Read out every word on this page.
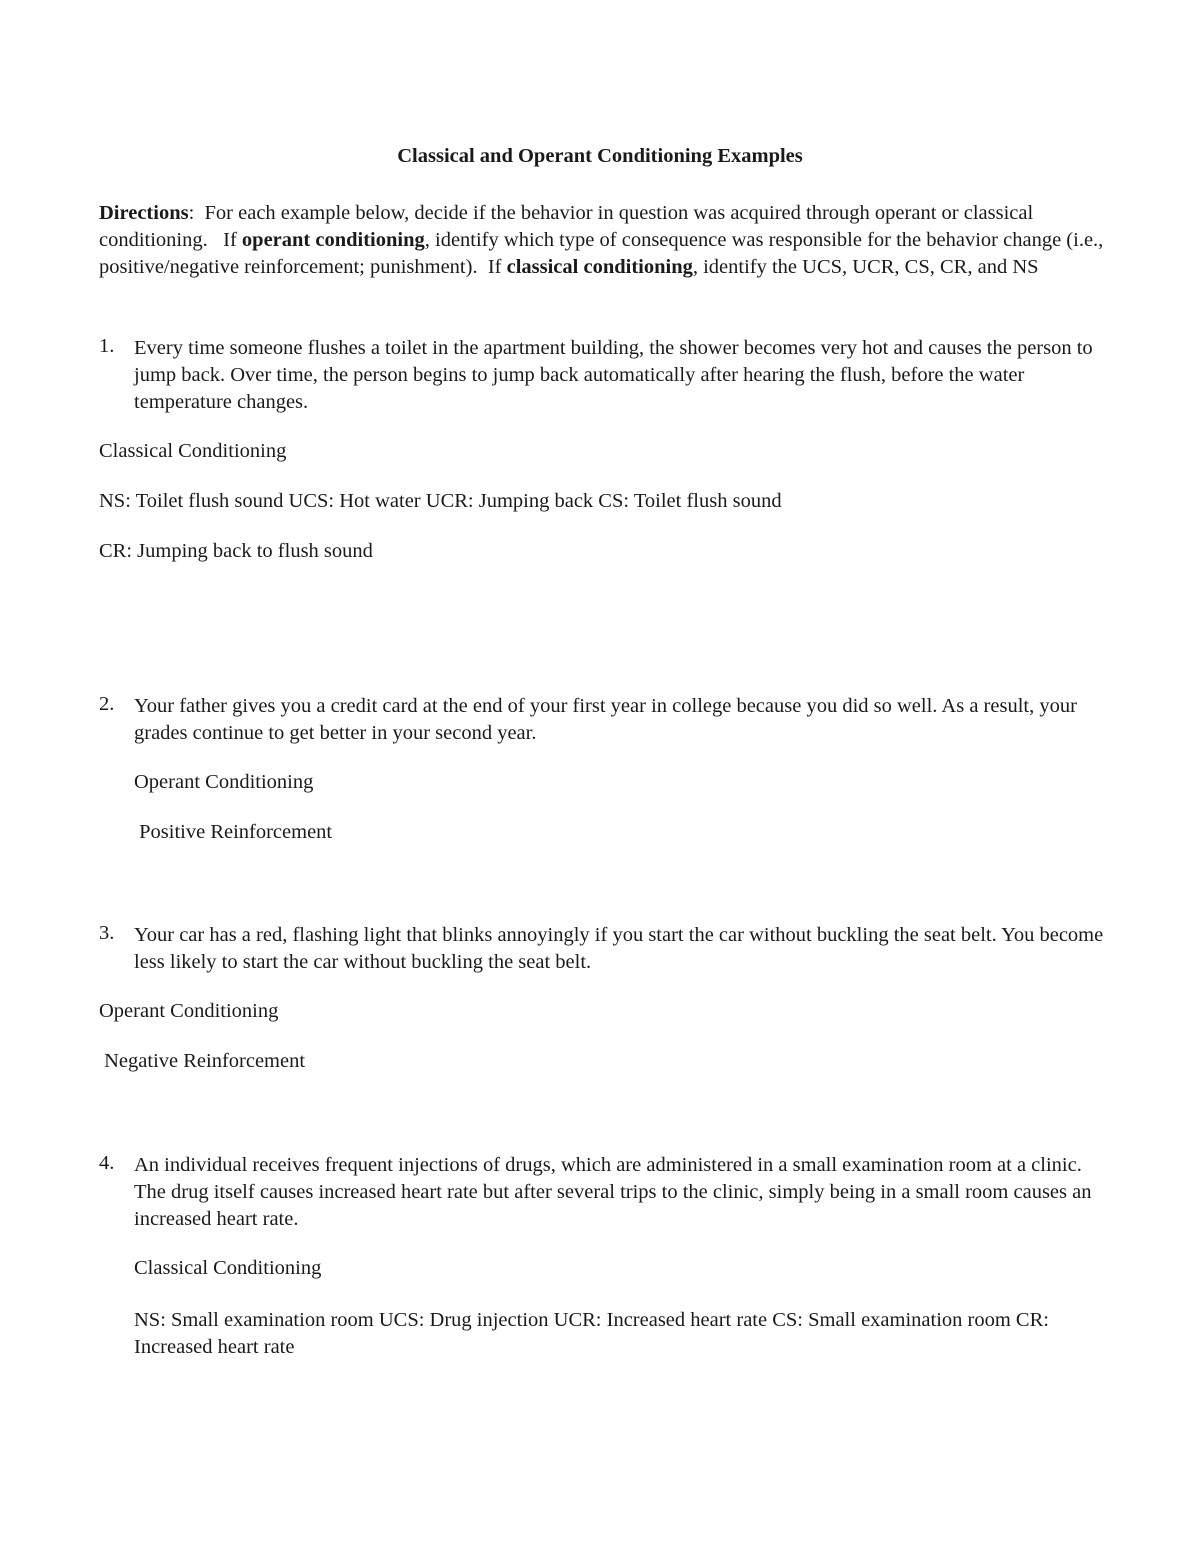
Classical and Operant Conditioning Examples
Directions:  For each example below, decide if the behavior in question was acquired through operant or classical conditioning.   If operant conditioning, identify which type of consequence was responsible for the behavior change (i.e., positive/negative reinforcement; punishment).  If classical conditioning, identify the UCS, UCR, CS, CR, and NS
1. Every time someone flushes a toilet in the apartment building, the shower becomes very hot and causes the person to jump back. Over time, the person begins to jump back automatically after hearing the flush, before the water temperature changes.
Classical Conditioning
NS: Toilet flush sound UCS: Hot water UCR: Jumping back CS: Toilet flush sound
CR: Jumping back to flush sound
2. Your father gives you a credit card at the end of your first year in college because you did so well. As a result, your grades continue to get better in your second year.
Operant Conditioning
Positive Reinforcement
3. Your car has a red, flashing light that blinks annoyingly if you start the car without buckling the seat belt. You become less likely to start the car without buckling the seat belt.
Operant Conditioning
Negative Reinforcement
4. An individual receives frequent injections of drugs, which are administered in a small examination room at a clinic. The drug itself causes increased heart rate but after several trips to the clinic, simply being in a small room causes an increased heart rate.
Classical Conditioning
NS: Small examination room UCS: Drug injection UCR: Increased heart rate CS: Small examination room CR: Increased heart rate
